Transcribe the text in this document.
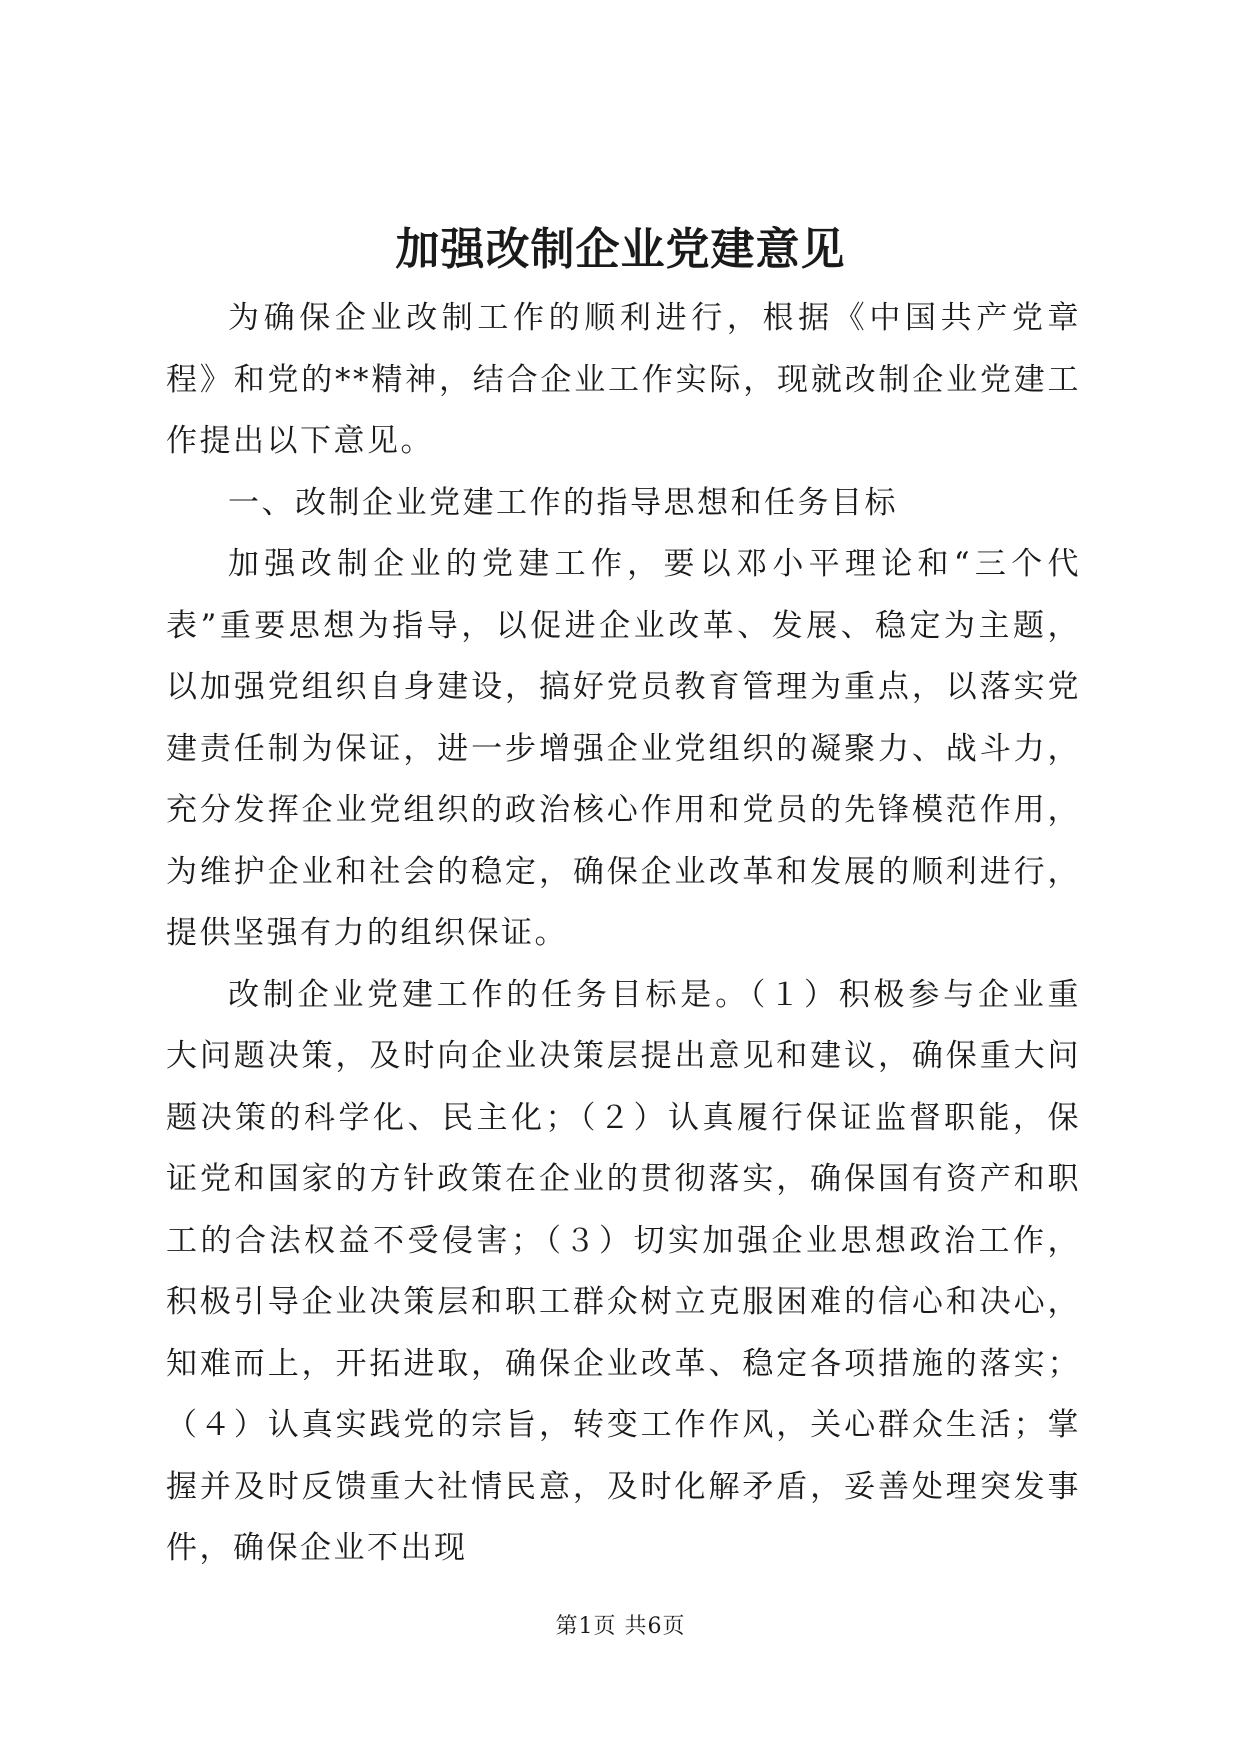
加强改制企业党建意见

为确保企业改制工作的顺利进行，根据《中国共产党章程》和党的**精神，结合企业工作实际，现就改制企业党建工作提出以下意见。

一、改制企业党建工作的指导思想和任务目标

加强改制企业的党建工作，要以邓小平理论和“三个代表”重要思想为指导，以促进企业改革、发展、稳定为主题，以加强党组织自身建设，搞好党员教育管理为重点，以落实党建责任制为保证，进一步增强企业党组织的凝聚力、战斗力，充分发挥企业党组织的政治核心作用和党员的先锋模范作用，为维护企业和社会的稳定，确保企业改革和发展的顺利进行，提供坚强有力的组织保证。

改制企业党建工作的任务目标是。（１）积极参与企业重大问题决策，及时向企业决策层提出意见和建议，确保重大问题决策的科学化、民主化；（２）认真履行保证监督职能，保证党和国家的方针政策在企业的贯彻落实，确保国有资产和职工的合法权益不受侵害；（３）切实加强企业思想政治工作，积极引导企业决策层和职工群众树立克服困难的信心和决心，知难而上，开拓进取，确保企业改革、稳定各项措施的落实；（４）认真实践党的宗旨，转变工作作风，关心群众生活；掌握并及时反馈重大社情民意，及时化解矛盾，妥善处理突发事件，确保企业不出现

第1页 共6页
